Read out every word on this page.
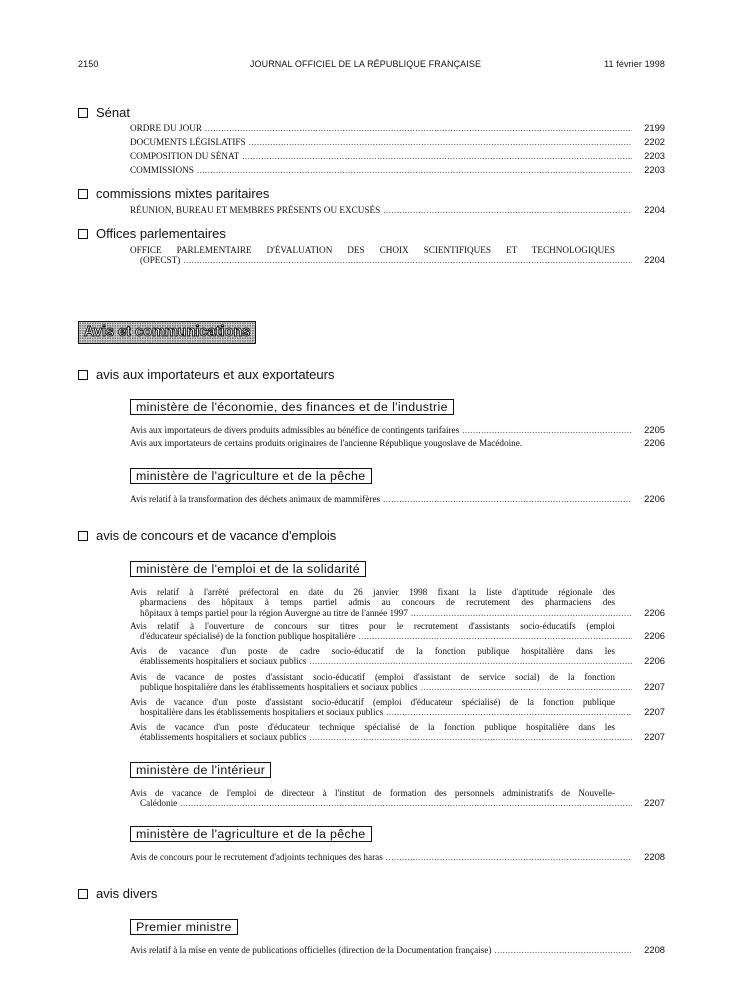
2150	JOURNAL OFFICIEL DE LA RÉPUBLIQUE FRANÇAISE	11 février 1998
Sénat
ORDRE DU JOUR .....	2199
DOCUMENTS LÉGISLATIFS .....	2202
COMPOSITION DU SÉNAT .....	2203
COMMISSIONS .....	2203
commissions mixtes paritaires
RÉUNION, BUREAU ET MEMBRES PRÉSENTS OU EXCUSÉS .....	2204
Offices parlementaires
OFFICE PARLEMENTAIRE D'ÉVALUATION DES CHOIX SCIENTIFIQUES ET TECHNOLOGIQUES
(OPECST) .....	2204
Avis et communications
avis aux importateurs et aux exportateurs
ministère de l'économie, des finances et de l'industrie
Avis aux importateurs de divers produits admissibles au bénéfice de contingents tarifaires .....	2205
Avis aux importateurs de certains produits originaires de l'ancienne République yougoslave de Macédoine.	2206
ministère de l'agriculture et de la pêche
Avis relatif à la transformation des déchets animaux de mammifères .....	2206
avis de concours et de vacance d'emplois
ministère de l'emploi et de la solidarité
Avis relatif à l'arrêté préfectoral en date du 26 janvier 1998 fixant la liste d'aptitude régionale des
pharmaciens des hôpitaux à temps partiel admis au concours de recrutement des pharmaciens des
hôpitaux à temps partiel pour la région Auvergne au titre de l'année 1997 .....	2206
Avis relatif à l'ouverture de concours sur titres pour le recrutement d'assistants socio-éducatifs (emploi
d'éducateur spécialisé) de la fonction publique hospitalière .....	2206
Avis de vacance d'un poste de cadre socio-éducatif de la fonction publique hospitalière dans les
établissements hospitaliers et sociaux publics .....	2206
Avis de vacance de postes d'assistant socio-éducatif (emploi d'assistant de service social) de la fonction
publique hospitalière dans les établissements hospitaliers et sociaux publics .....	2207
Avis de vacance d'un poste d'assistant socio-éducatif (emploi d'éducateur spécialisé) de la fonction publique
hospitalière dans les établissements hospitaliers et sociaux publics .....	2207
Avis de vacance d'un poste d'éducateur technique spécialisé de la fonction publique hospitalière dans les
établissements hospitaliers et sociaux publics .....	2207
ministère de l'intérieur
Avis de vacance de l'emploi de directeur à l'institut de formation des personnels administratifs de Nouvelle-
Calédonie .....	2207
ministère de l'agriculture et de la pêche
Avis de concours pour le recrutement d'adjoints techniques des haras .....	2208
avis divers
Premier ministre
Avis relatif à la mise en vente de publications officielles (direction de la Documentation française) .....	2208
